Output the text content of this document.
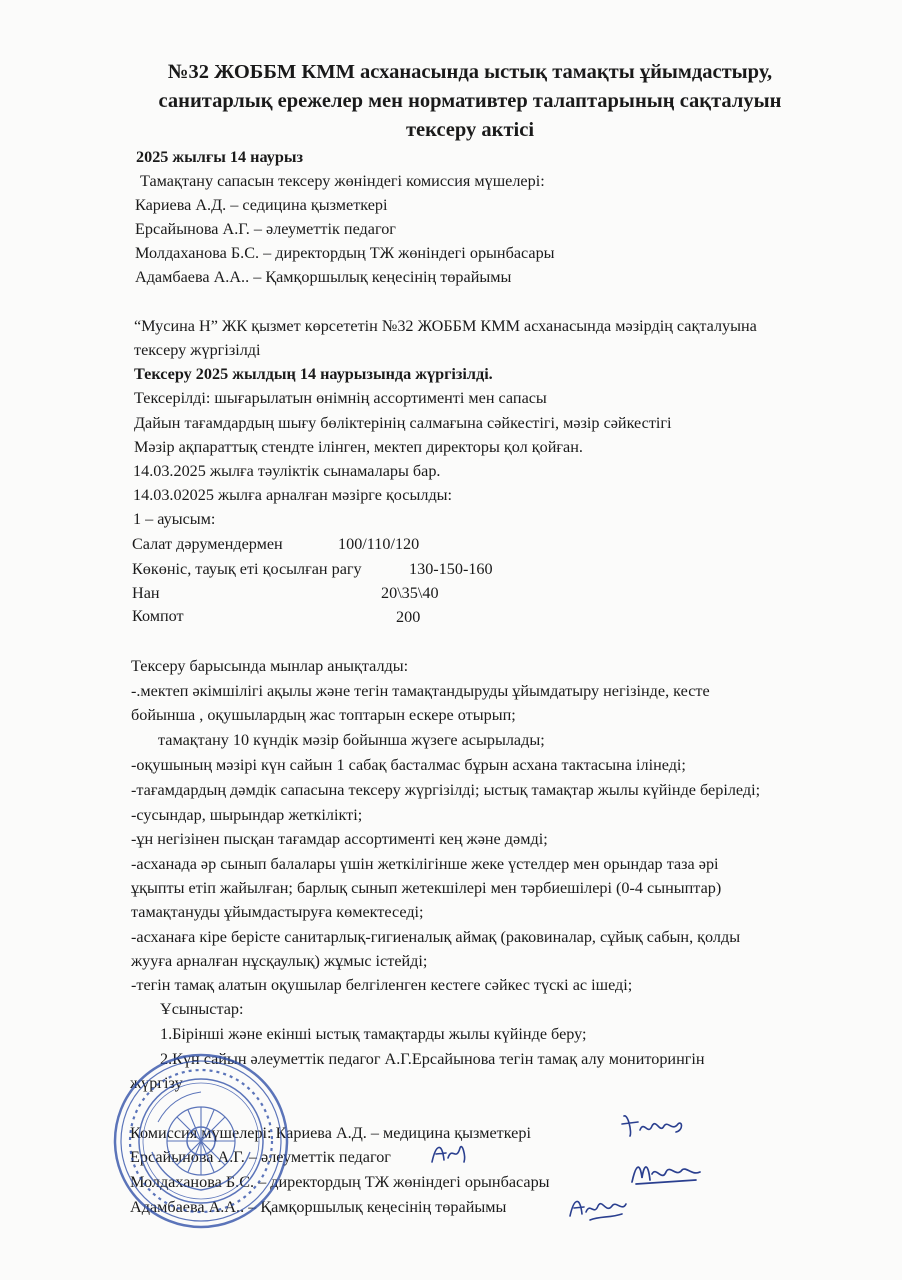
№32 ЖОББМ КММ асханасында ыстық тамақты ұйымдастыру,
санитарлық ережелер мен нормативтер талаптарының сақталуын
тексеру актісі
2025 жылғы 14 наурыз
Тамақтану сапасын тексеру жөніндегі комиссия мүшелері:
Кариева А.Д. – седицина қызметкері
Ерсайынова А.Г. – әлеуметтік педагог
Молдаханова Б.С. – директордың ТЖ жөніндегі орынбасары
Адамбаева А.А.. – Қамқоршылық кеңесінің төрайымы
“Мусина Н” ЖК қызмет көрсететін №32 ЖОББМ КММ асханасында мәзірдің сақталуына
тексеру жүргізілді
Тексеру 2025 жылдың 14 наурызында жүргізілді.
Тексерілді: шығарылатын өнімнің ассортименті мен сапасы
Дайын тағамдардың шығу бөліктерінің салмағына сәйкестігі, мәзір сәйкестігі
Мәзір ақпараттық стендте ілінген, мектеп директоры қол қойған.
14.03.2025 жылға тәуліктік сынамалары бар.
14.03.02025 жылға арналған мәзірге қосылды:
1 – ауысым:
Салат дәрумендермен	100/110/120
Көкөніс, тауық еті қосылған рагу	130-150-160
Нан	20\35\40
Компот	200
Тексеру барысында мынлар анықталды:
-.мектеп әкімшілігі ақылы және тегін тамақтандыруды ұйымдатыру негізінде, кесте
бойынша , оқушылардың жас топтарын ескере отырып;
тамақтану 10 күндік мәзір бойынша жүзеге асырылады;
-оқушының мәзірі күн сайын 1 сабақ басталмас бұрын асхана тактасына ілінеді;
-тағамдардың дәмдік сапасына тексеру жүргізілді; ыстық тамақтар жылы күйінде беріледі;
-сусындар, шырындар жеткілікті;
-ұн негізінен пысқан тағамдар ассортименті кең және дәмді;
-асханада әр сынып балалары үшін жеткілігінше жеке үстелдер мен орындар таза әрі
ұқыпты етіп жайылған; барлық сынып жетекшілері мен тәрбиешілері (0-4 сыныптар)
тамақтануды ұйымдастыруға көмектеседі;
-асханаға кіре берісте санитарлық-гигиеналық аймақ (раковиналар, сұйық сабын, қолды
жууға арналған нұсқаулық) жұмыс істейді;
-тегін тамақ алатын оқушылар белгіленген кестеге сәйкес түскі ас ішеді;
Ұсыныстар:
1.Бірінші және екінші ыстық тамақтарды жылы күйінде беру;
2.Күн сайын әлеуметтік педагог А.Г.Ерсайынова тегін тамақ алу мониторингін
жүргізу
Комиссия мүшелері: Кариева А.Д. – медицина қызметкері
Ерсайынова А.Г. – әлеуметтік педагог
Молдаханова Б.С. – директордың ТЖ жөніндегі орынбасары
Адамбаева А.А.. – Қамқоршылық кеңесінің төрайымы
